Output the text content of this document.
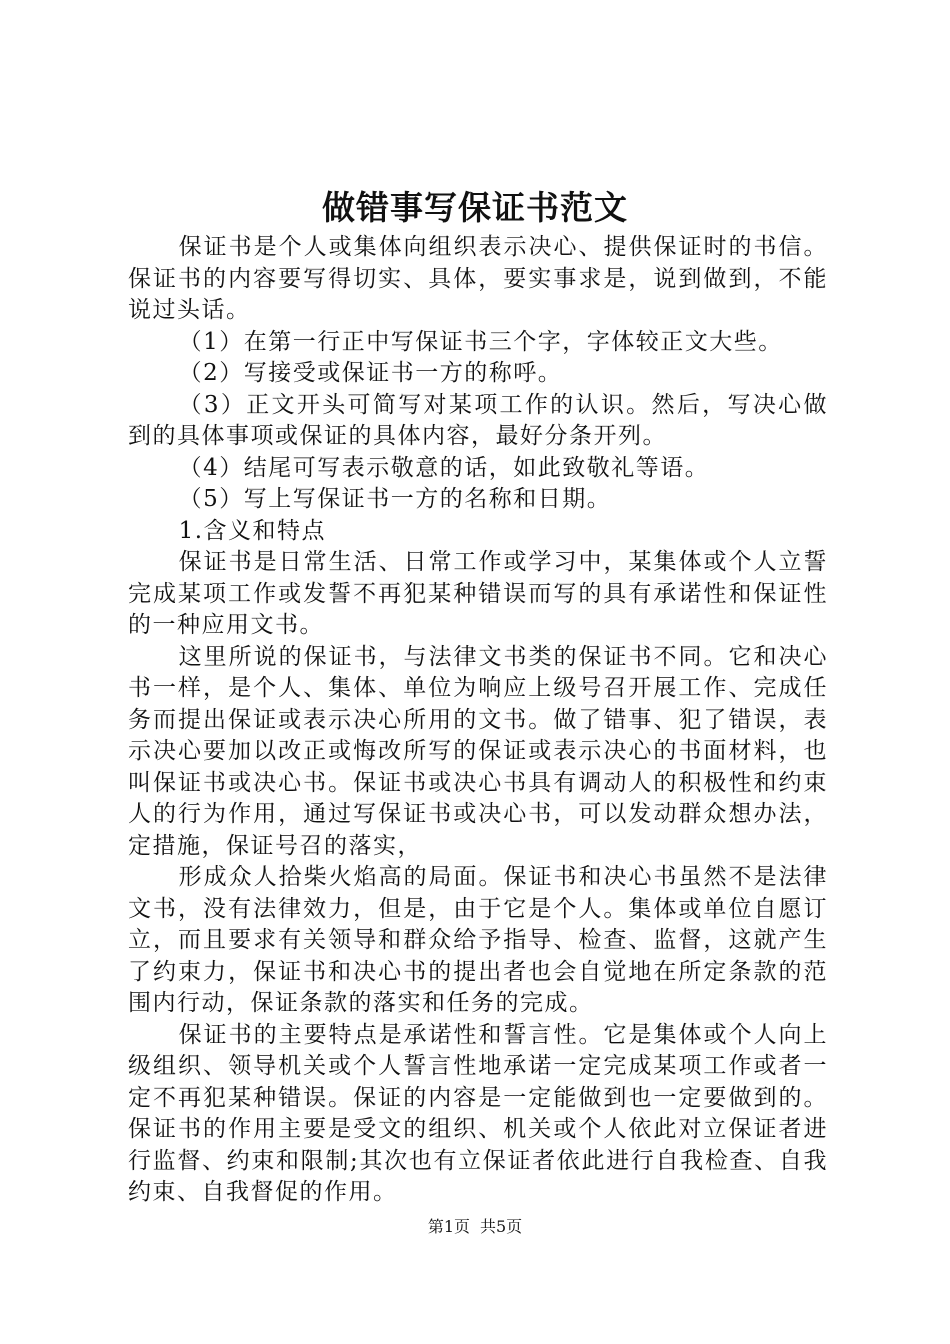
做错事写保证书范文

保证书是个人或集体向组织表示决心、提供保证时的书信。保证书的内容要写得切实、具体，要实事求是，说到做到，不能说过头话。

（1）在第一行正中写保证书三个字，字体较正文大些。

（2）写接受或保证书一方的称呼。

（3）正文开头可简写对某项工作的认识。然后，写决心做到的具体事项或保证的具体内容，最好分条开列。

（4）结尾可写表示敬意的话，如此致敬礼等语。

（5）写上写保证书一方的名称和日期。

1.含义和特点

保证书是日常生活、日常工作或学习中，某集体或个人立誓完成某项工作或发誓不再犯某种错误而写的具有承诺性和保证性的一种应用文书。

这里所说的保证书，与法律文书类的保证书不同。它和决心书一样，是个人、集体、单位为响应上级号召开展工作、完成任务而提出保证或表示决心所用的文书。做了错事、犯了错误，表示决心要加以改正或悔改所写的保证或表示决心的书面材料，也叫保证书或决心书。保证书或决心书具有调动人的积极性和约束人的行为作用，通过写保证书或决心书，可以发动群众想办法，定措施，保证号召的落实，

形成众人拾柴火焰高的局面。保证书和决心书虽然不是法律文书，没有法律效力，但是，由于它是个人。集体或单位自愿订立，而且要求有关领导和群众给予指导、检查、监督，这就产生了约束力，保证书和决心书的提出者也会自觉地在所定条款的范围内行动，保证条款的落实和任务的完成。

保证书的主要特点是承诺性和誓言性。它是集体或个人向上级组织、领导机关或个人誓言性地承诺一定完成某项工作或者一定不再犯某种错误。保证的内容是一定能做到也一定要做到的。保证书的作用主要是受文的组织、机关或个人依此对立保证者进行监督、约束和限制;其次也有立保证者依此进行自我检查、自我约束、自我督促的作用。

第1页 共5页
